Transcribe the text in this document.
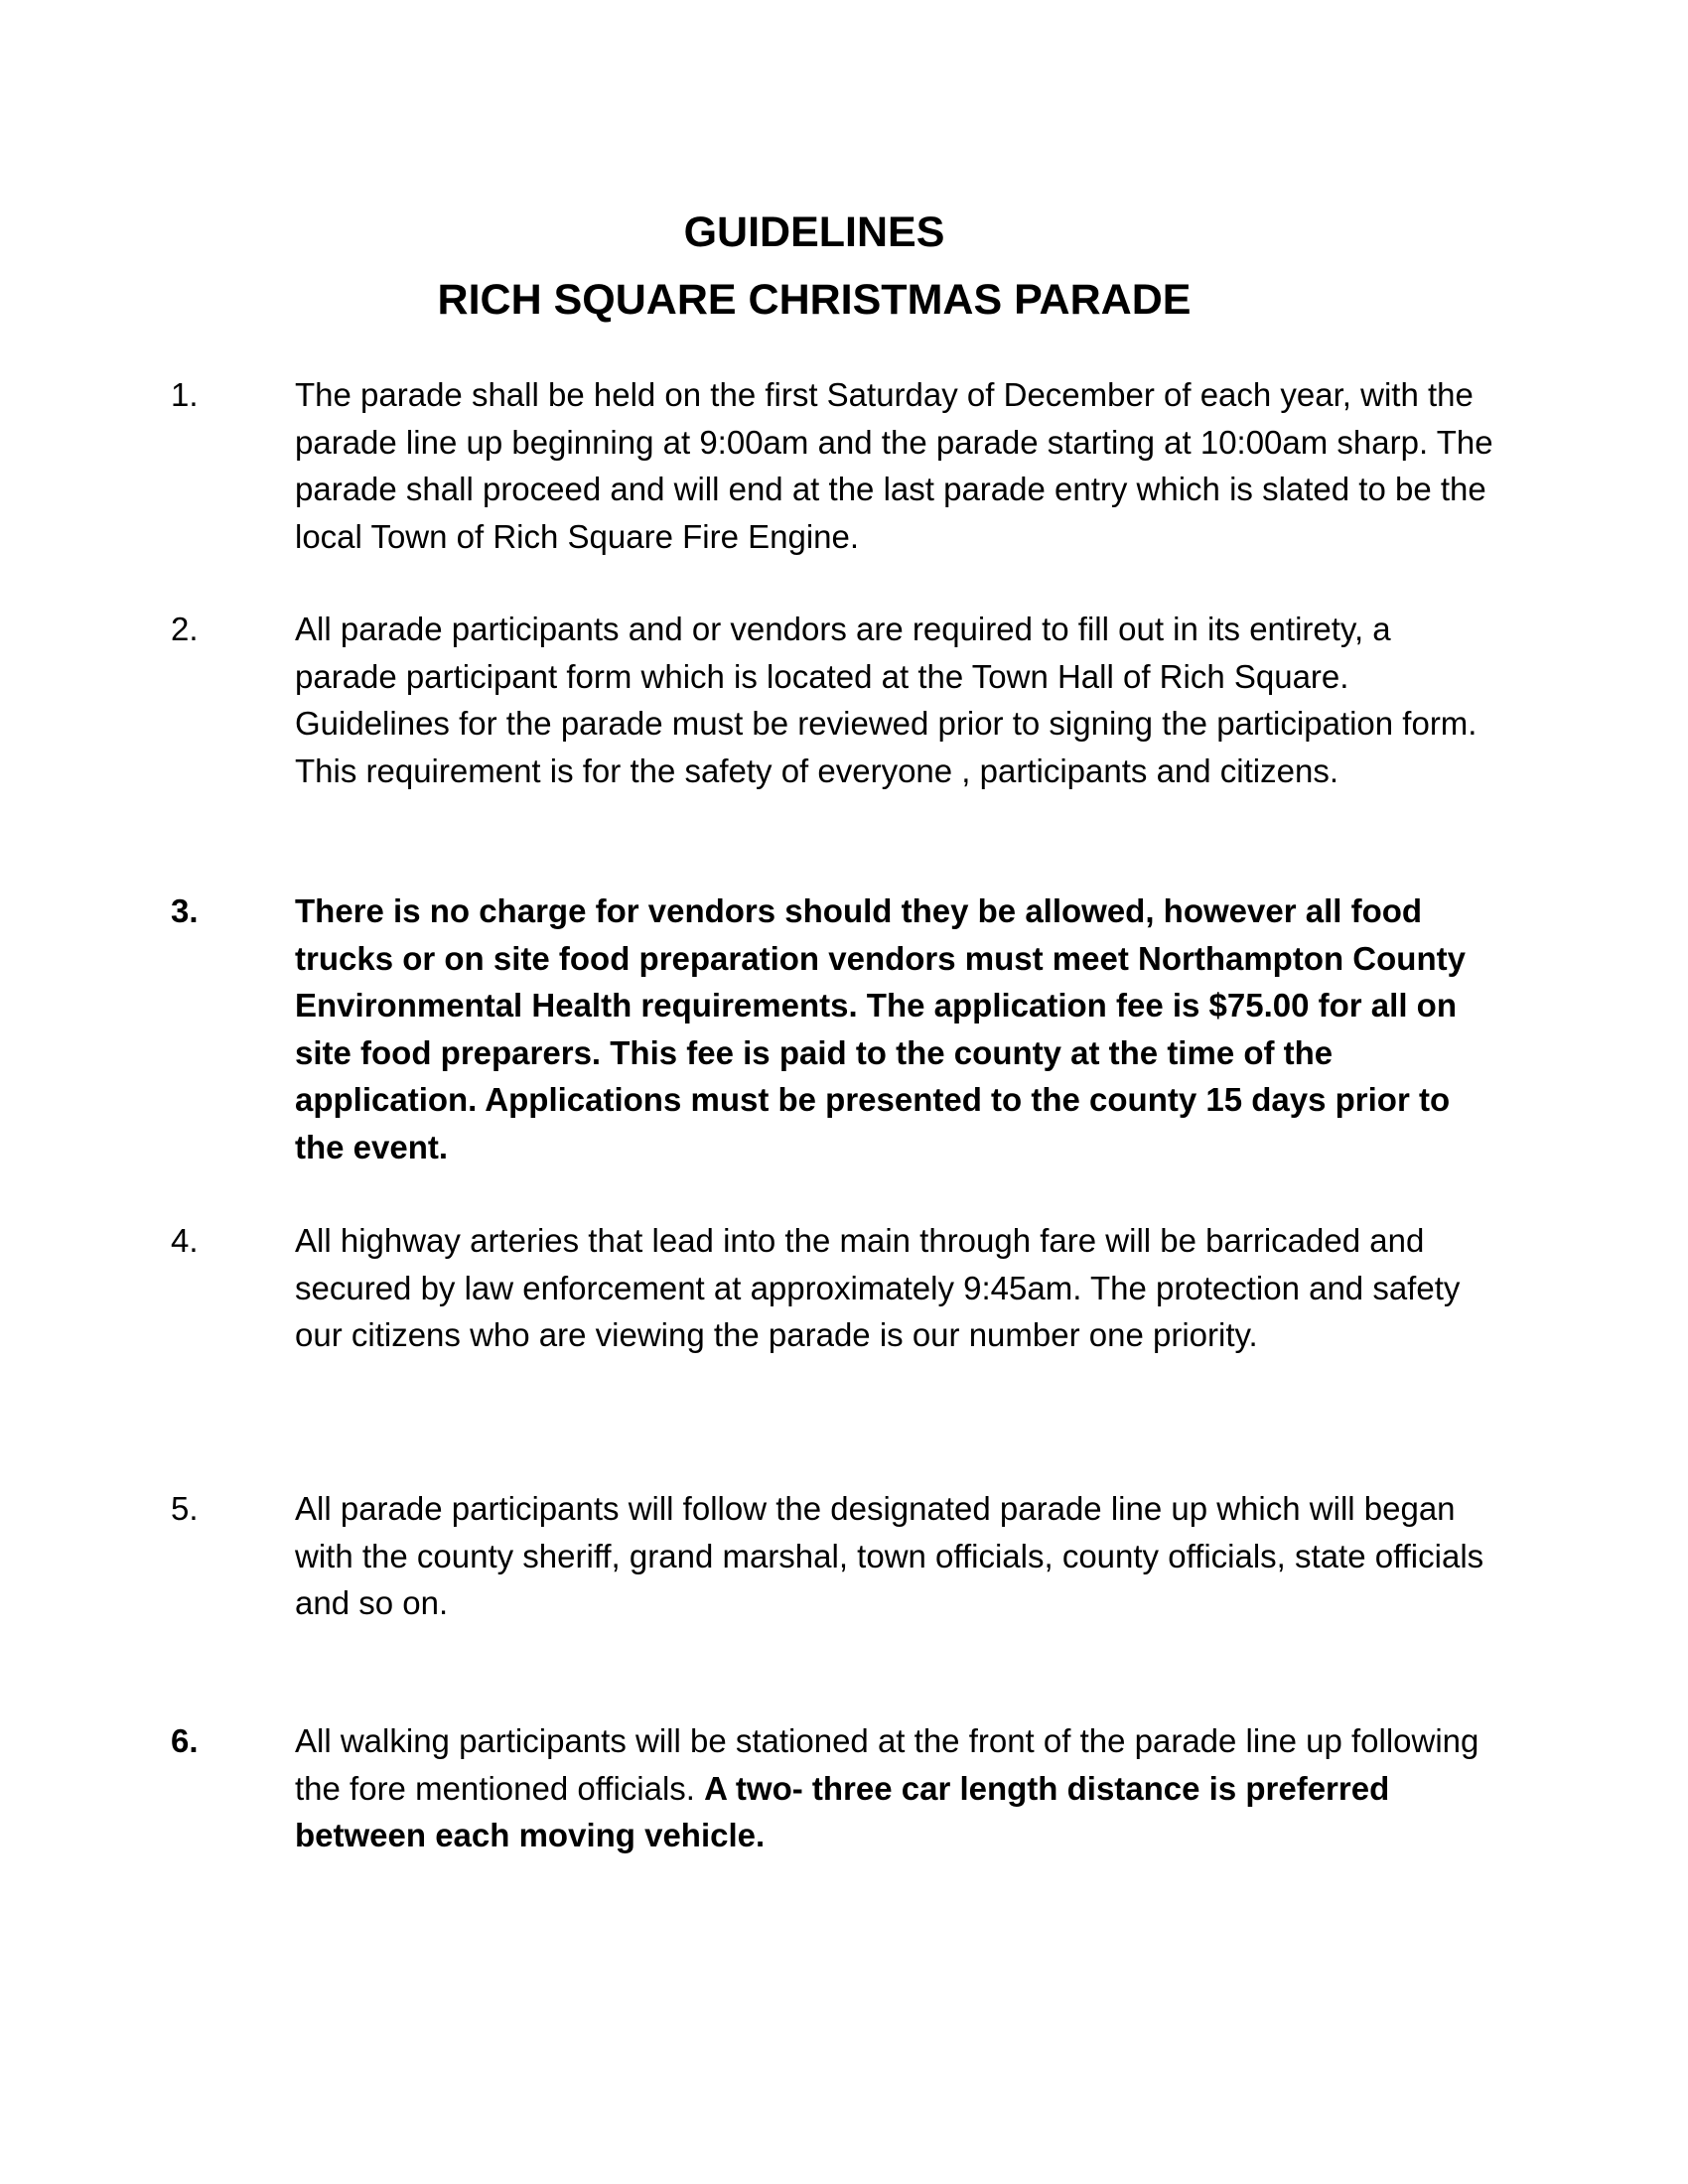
GUIDELINES
RICH SQUARE CHRISTMAS PARADE
1.	The parade shall be held on the first Saturday of December of each year, with the parade line up beginning at 9:00am and the parade starting at 10:00am sharp. The parade shall proceed and will end at the last parade entry which is slated to be the local Town of Rich Square Fire Engine.
2.	All parade participants and or vendors are required to fill out in its entirety, a parade participant form which is located at the Town Hall of Rich Square. Guidelines for the parade must be reviewed prior to signing the participation form. This requirement is for the safety of everyone , participants and citizens.
3.	There is no charge for vendors should they be allowed, however all food trucks or on site food preparation vendors must meet Northampton County Environmental Health requirements. The application fee is $75.00 for all on site food preparers. This fee is paid to the county at the time of the application. Applications must be presented to the county 15 days prior to the event.
4.	All highway arteries that lead into the main through fare will be barricaded and secured by law enforcement at approximately 9:45am. The protection and safety our citizens who are viewing the parade is our number one priority.
5.	All parade participants will follow the designated parade line up which will began with the county sheriff, grand marshal, town officials, county officials, state officials and so on.
6.	All walking participants will be stationed at the front of the parade line up following the fore mentioned officials. A two- three car length distance is preferred between each moving vehicle.
